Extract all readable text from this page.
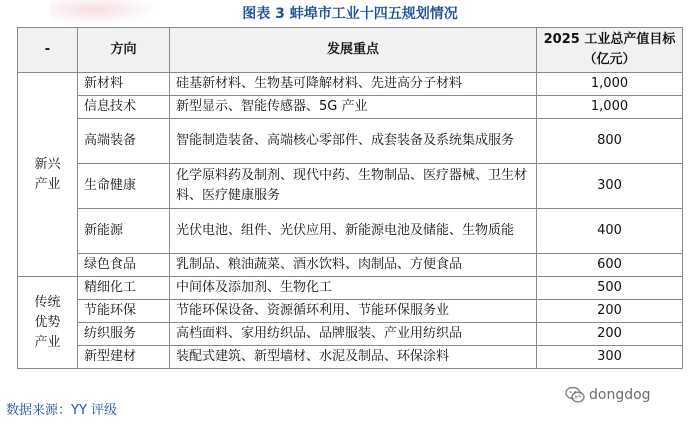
图表 3 蚌埠市工业十四五规划情况
-	方向	发展重点	2025 工业总产值目标（亿元）
新兴产业	新材料	硅基新材料、生物基可降解材料、先进高分子材料	1,000
	信息技术	新型显示、智能传感器、5G 产业	1,000
	高端装备	智能制造装备、高端核心零部件、成套装备及系统集成服务	800
	生命健康	化学原料药及制剂、现代中药、生物制品、医疗器械、卫生材料、医疗健康服务	300
	新能源	光伏电池、组件、光伏应用、新能源电池及储能、生物质能	400
	绿色食品	乳制品、粮油蔬菜、酒水饮料、肉制品、方便食品	600
传统优势产业	精细化工	中间体及添加剂、生物化工	500
	节能环保	节能环保设备、资源循环利用、节能环保服务业	200
	纺织服务	高档面料、家用纺织品、品牌服装、产业用纺织品	200
	新型建材	装配式建筑、新型墙材、水泥及制品、环保涂料	300
数据来源：YY 评级
dongdog
